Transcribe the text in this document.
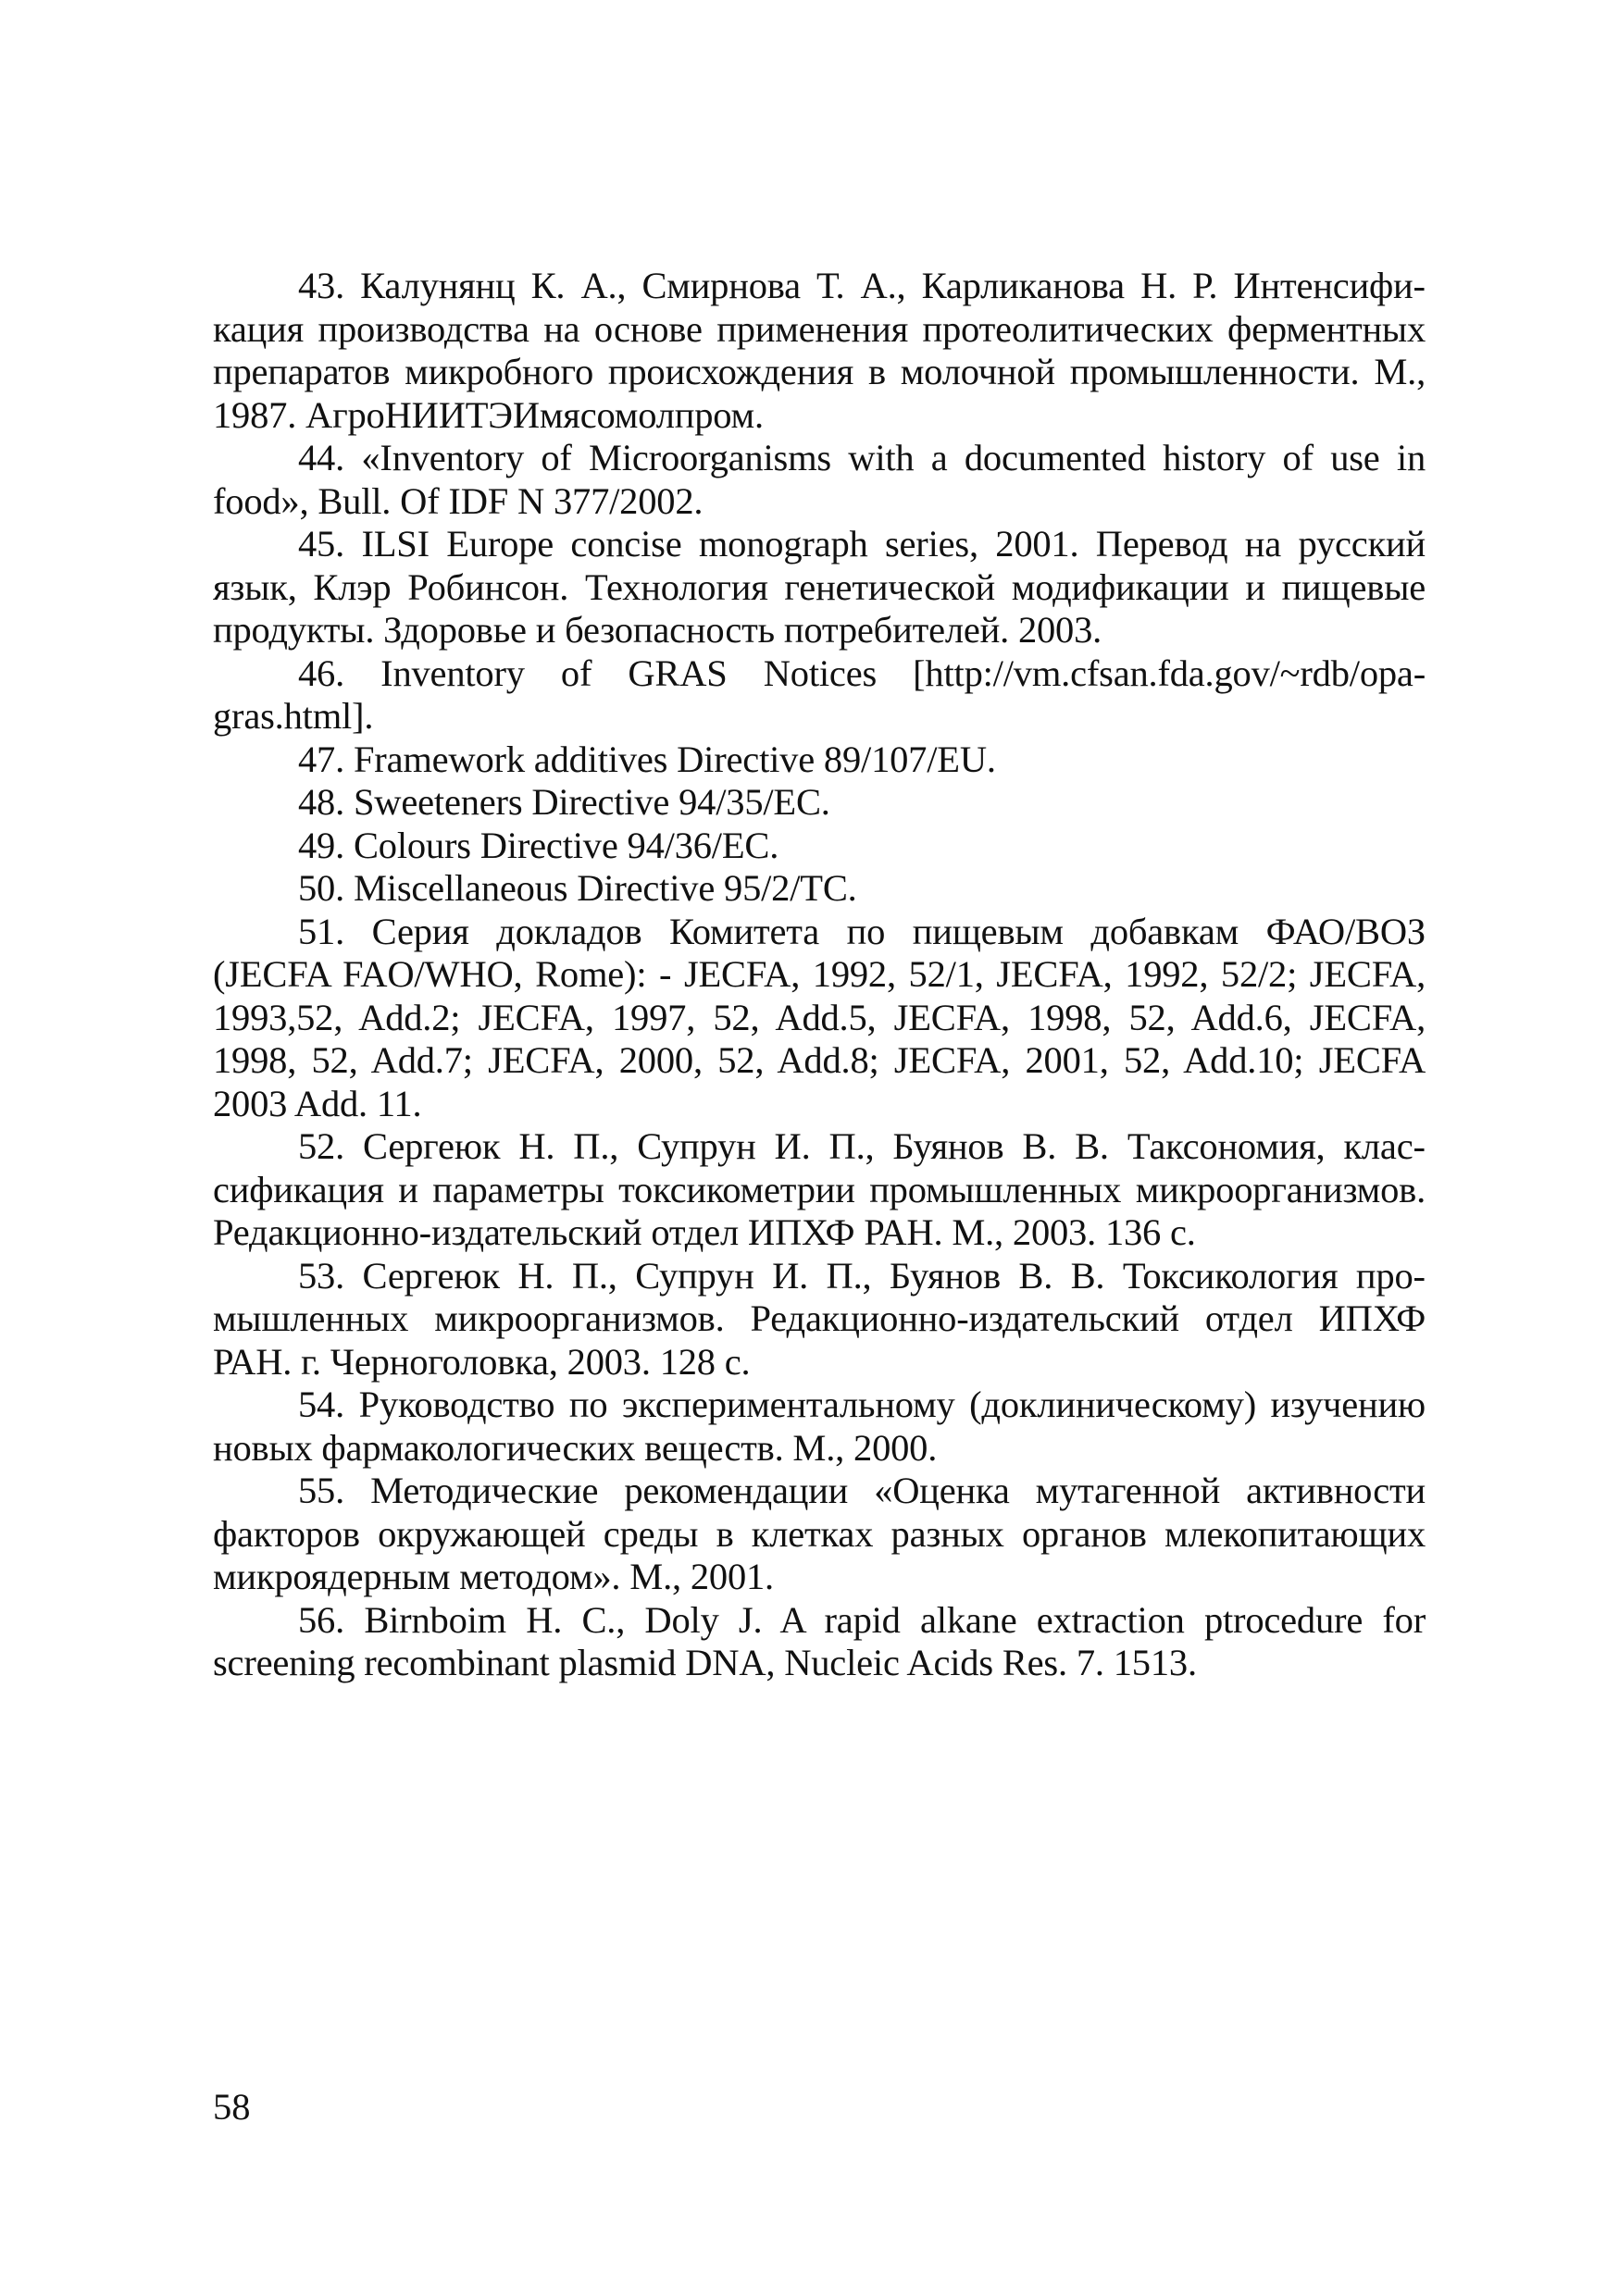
43. Калунянц К. А., Смирнова Т. А., Карликанова Н. Р. Интенсификация производства на основе применения протеолитических ферментных препаратов микробного происхождения в молочной промышленности. М., 1987. АгроНИИТЭИмясомолпром.
44. «Inventory of Microorganisms with a documented history of use in food», Bull. Of IDF N 377/2002.
45. ILSI Europe concise monograph series, 2001. Перевод на русский язык, Клэр Робинсон. Технология генетической модификации и пищевые продукты. Здоровье и безопасность потребителей. 2003.
46. Inventory of GRAS Notices [http://vm.cfsan.fda.gov/~rdb/opa-gras.html].
47. Framework additives Directive 89/107/EU.
48. Sweeteners Directive 94/35/EC.
49. Colours Directive 94/36/EC.
50. Miscellaneous Directive 95/2/TC.
51. Серия докладов Комитета по пищевым добавкам ФАО/ВОЗ (JECFA FAO/WHO, Rome): - JECFA, 1992, 52/1, JECFA, 1992, 52/2; JECFA, 1993,52, Add.2; JECFA, 1997, 52, Add.5, JECFA, 1998, 52, Add.6, JECFA, 1998, 52, Add.7; JECFA, 2000, 52, Add.8; JECFA, 2001, 52, Add.10; JECFA 2003 Add. 11.
52. Сергеюк Н. П., Супрун И. П., Буянов В. В. Таксономия, классификация и параметры токсикометрии промышленных микроорганизмов. Редакционно-издательский отдел ИПХФ РАН. М., 2003. 136 с.
53. Сергеюк Н. П., Супрун И. П., Буянов В. В. Токсикология промышленных микроорганизмов. Редакционно-издательский отдел ИПХФ РАН. г. Черноголовка, 2003. 128 с.
54. Руководство по экспериментальному (доклиническому) изучению новых фармакологических веществ. М., 2000.
55. Методические рекомендации «Оценка мутагенной активности факторов окружающей среды в клетках разных органов млекопитающих микроядерным методом». М., 2001.
56. Birnboim H. C., Doly J. A rapid alkane extraction ptrocedure for screening recombinant plasmid DNA, Nucleic Acids Res. 7. 1513.
58
